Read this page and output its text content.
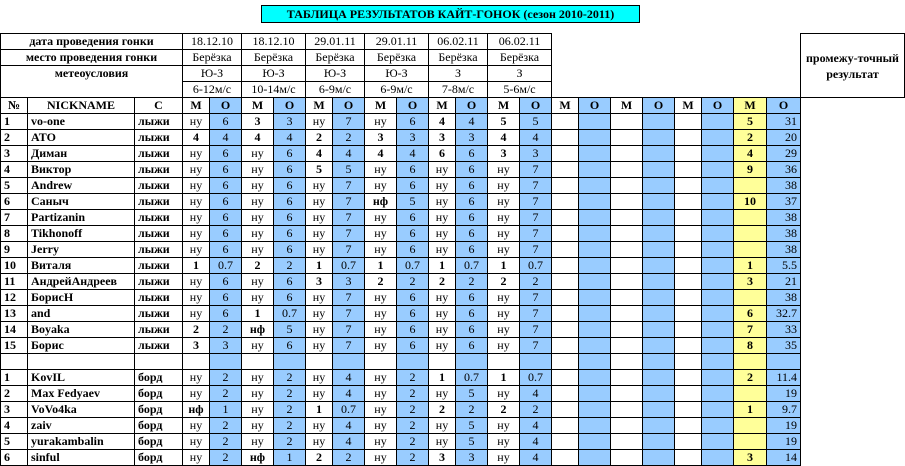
ТАБЛИЦА РЕЗУЛЬТАТОВ КАЙТ-ГОНОК (сезон 2010-2011)
дата проведения гонки			18.12.10		18.12.10		29.01.11		29.01.11		06.02.11		06.02.11										промежу-точный результат
место проведения гонки			Берёзка		Берёзка		Берёзка		Берёзка		Берёзка		Берёзка										
метеоусловия			Ю-З		Ю-З		Ю-З		Ю-З		З		З										
			6-12м/с		10-14м/с		6-9м/с		6-9м/с		7-8м/с		5-6м/с										
№	NICKNAME	С	М	О	М	О	М	О	М	О	М	О	М	О	М	О	М	О	М	О	М	О	
1	vo-one	лыжи	ну	6	3	3	ну	7	ну	6	4	4	5	5							5	31	
2	ATO	лыжи	4	4	4	4	2	2	3	3	3	3	4	4							2	20	
3	Диман	лыжи	ну	6	ну	6	4	4	4	4	6	6	3	3							4	29	
4	Виктор	лыжи	ну	6	ну	6	5	5	ну	6	ну	6	ну	7							9	36	
5	Andrew	лыжи	ну	6	ну	6	ну	7	ну	6	ну	6	ну	7								38	
6	Саныч	лыжи	ну	6	ну	6	ну	7	нф	5	ну	6	ну	7							10	37	
7	Partizanin	лыжи	ну	6	ну	6	ну	7	ну	6	ну	6	ну	7								38	
8	Tikhonoff	лыжи	ну	6	ну	6	ну	7	ну	6	ну	6	ну	7								38	
9	Jerry	лыжи	ну	6	ну	6	ну	7	ну	6	ну	6	ну	7								38	
10	Виталя	лыжи	1	0.7	2	2	1	0.7	1	0.7	1	0.7	1	0.7							1	5.5	
11	АндрейАндреев	лыжи	ну	6	ну	6	3	3	2	2	2	2	2	2							3	21	
12	БорисН	лыжи	ну	6	ну	6	ну	7	ну	6	ну	6	ну	7								38	
13	and	лыжи	ну	6	1	0.7	ну	7	ну	6	ну	6	ну	7							6	32.7	
14	Boyaka	лыжи	2	2	нф	5	ну	7	ну	6	ну	6	ну	7							7	33	
15	Борис	лыжи	3	3	ну	6	ну	7	ну	6	ну	6	ну	7							8	35	

1	KovIL	борд	ну	2	ну	2	ну	4	ну	2	1	0.7	1	0.7							2	11.4	
2	Max Fedyaev	борд	ну	2	ну	2	ну	4	ну	2	ну	5	ну	4								19	
3	VoVo4ka	борд	нф	1	ну	2	1	0.7	ну	2	2	2	2	2							1	9.7	
4	zaiv	борд	ну	2	ну	2	ну	4	ну	2	ну	5	ну	4								19	
5	yurakambalin	борд	ну	2	ну	2	ну	4	ну	2	ну	5	ну	4								19	
6	sinful	борд	ну	2	нф	1	2	2	ну	2	3	3	ну	4							3	14	
